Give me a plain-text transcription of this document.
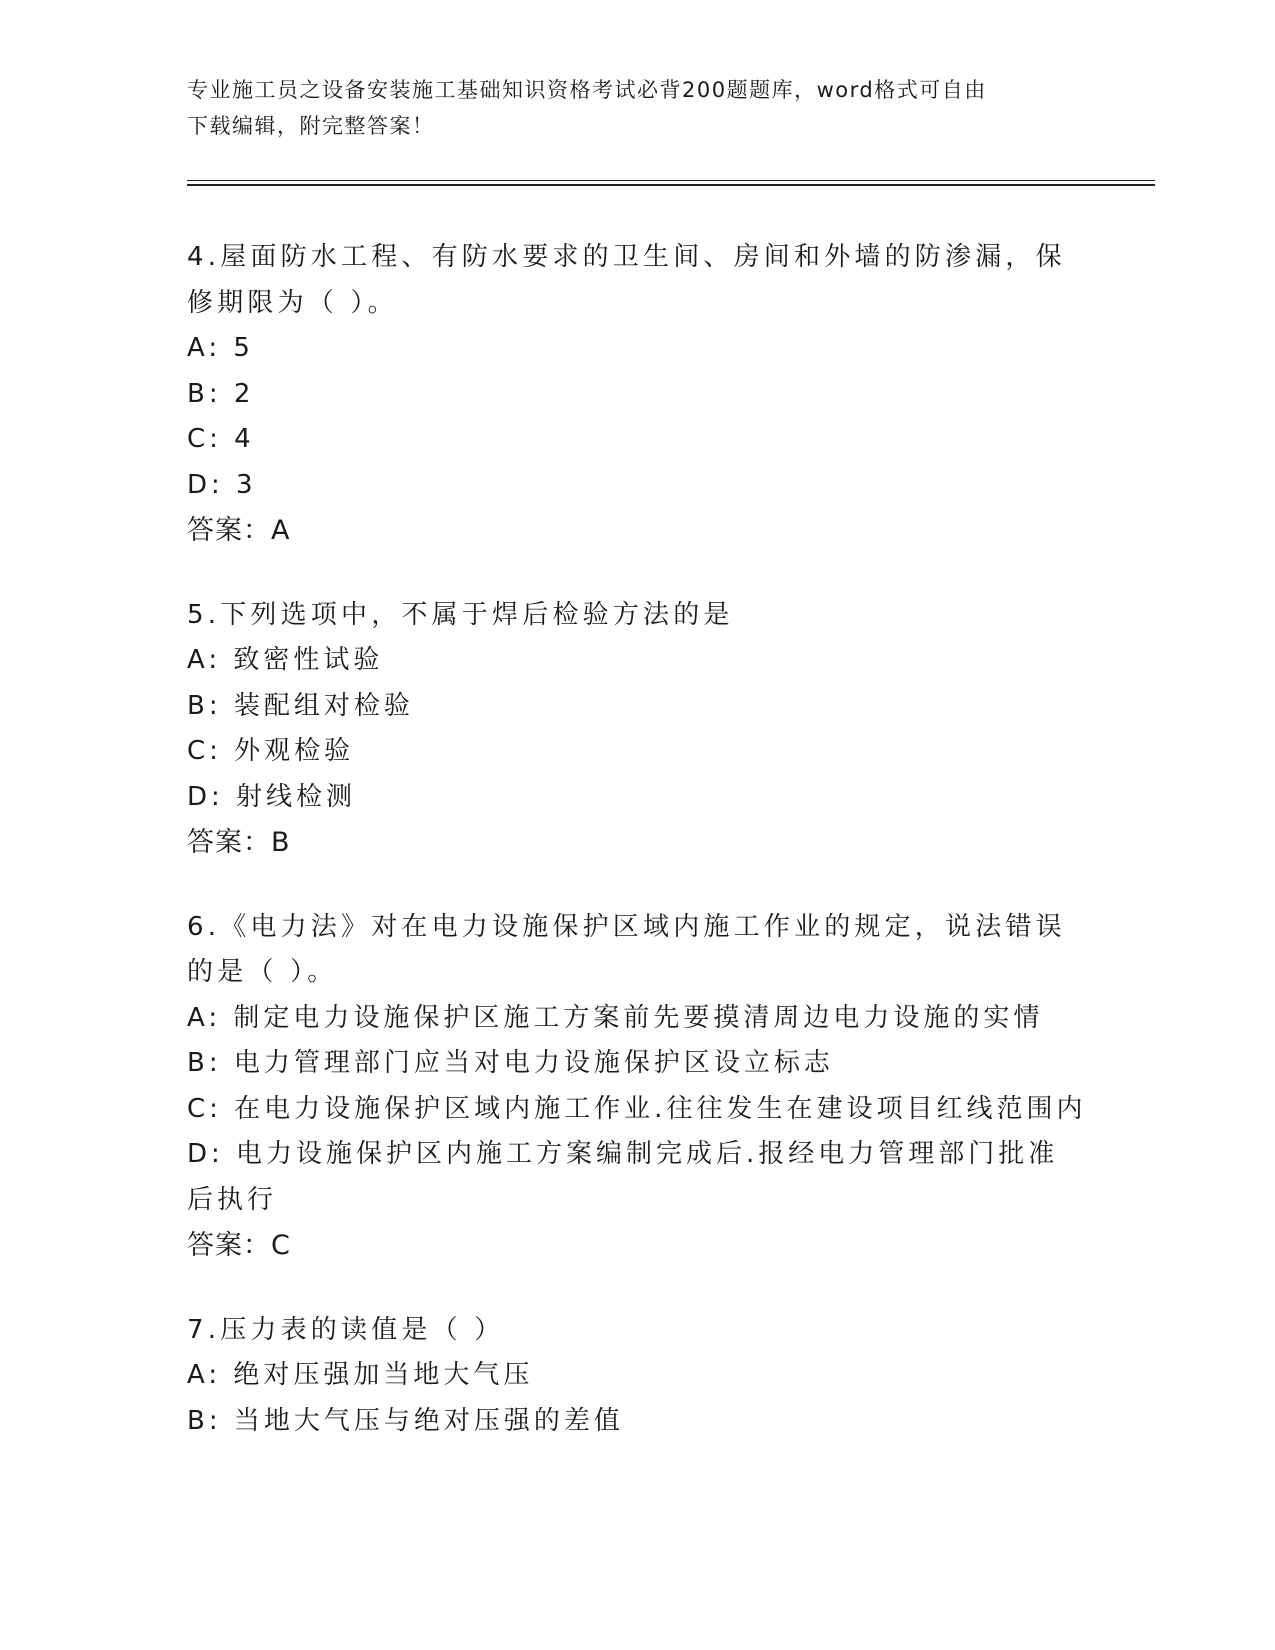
专业施工员之设备安装施工基础知识资格考试必背200题题库，word格式可自由
下载编辑，附完整答案！

4.屋面防水工程、有防水要求的卫生间、房间和外墙的防渗漏，保修期限为（ ）。

A: 5

B: 2

C: 4

D: 3

答案：A

5.下列选项中，不属于焊后检验方法的是

A: 致密性试验

B: 装配组对检验

C: 外观检验

D: 射线检测

答案：B

6.《电力法》对在电力设施保护区域内施工作业的规定，说法错误的是（ ）。

A: 制定电力设施保护区施工方案前先要摸清周边电力设施的实情

B: 电力管理部门应当对电力设施保护区设立标志

C: 在电力设施保护区域内施工作业.往往发生在建设项目红线范围内

D: 电力设施保护区内施工方案编制完成后.报经电力管理部门批准后执行

答案：C

7.压力表的读值是（ ）

A: 绝对压强加当地大气压

B: 当地大气压与绝对压强的差值
